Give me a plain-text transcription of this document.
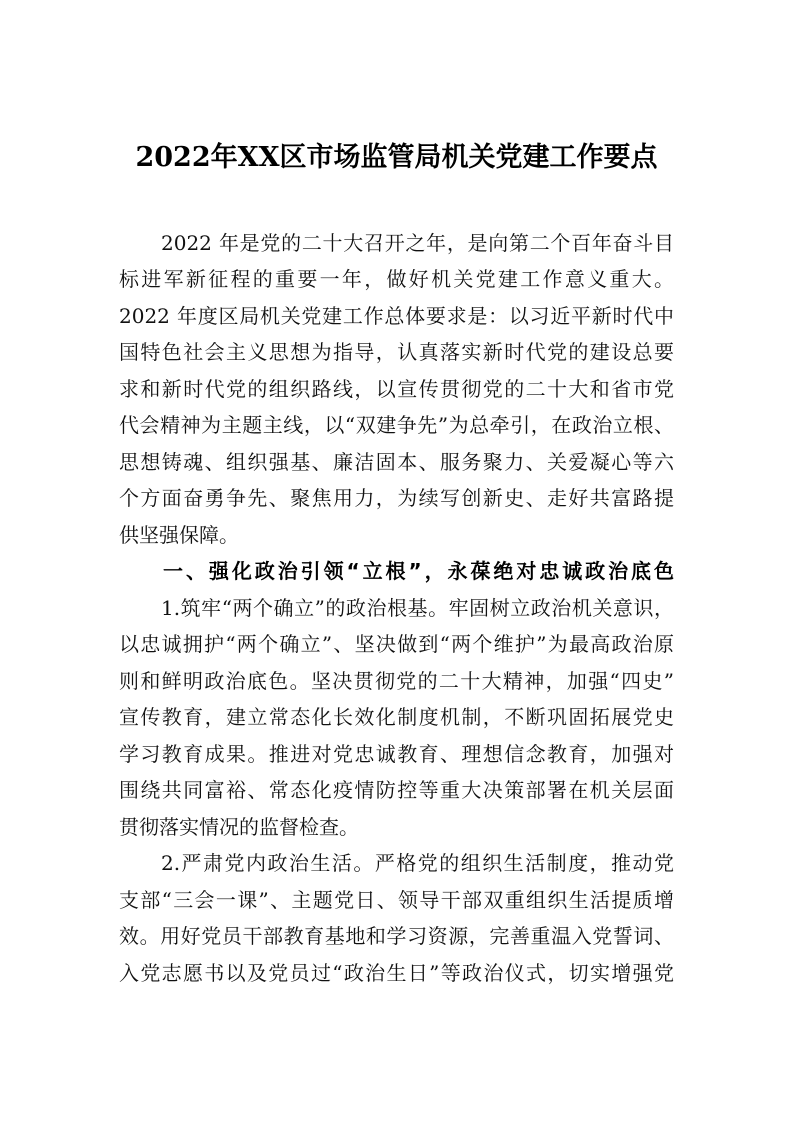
2022年XX区市场监管局机关党建工作要点
2022 年是党的二十大召开之年，是向第二个百年奋斗目
标进军新征程的重要一年，做好机关党建工作意义重大。
2022 年度区局机关党建工作总体要求是：以习近平新时代中
国特色社会主义思想为指导，认真落实新时代党的建设总要
求和新时代党的组织路线，以宣传贯彻党的二十大和省市党
代会精神为主题主线，以“双建争先”为总牵引，在政治立根、
思想铸魂、组织强基、廉洁固本、服务聚力、关爱凝心等六
个方面奋勇争先、聚焦用力，为续写创新史、走好共富路提
供坚强保障。
一、强化政治引领“立根”，永葆绝对忠诚政治底色
1.筑牢“两个确立”的政治根基。牢固树立政治机关意识，
以忠诚拥护“两个确立”、坚决做到“两个维护”为最高政治原
则和鲜明政治底色。坚决贯彻党的二十大精神，加强“四史”
宣传教育，建立常态化长效化制度机制，不断巩固拓展党史
学习教育成果。推进对党忠诚教育、理想信念教育，加强对
围绕共同富裕、常态化疫情防控等重大决策部署在机关层面
贯彻落实情况的监督检查。
2.严肃党内政治生活。严格党的组织生活制度，推动党
支部“三会一课”、主题党日、领导干部双重组织生活提质增
效。用好党员干部教育基地和学习资源，完善重温入党誓词、
入党志愿书以及党员过“政治生日”等政治仪式，切实增强党
